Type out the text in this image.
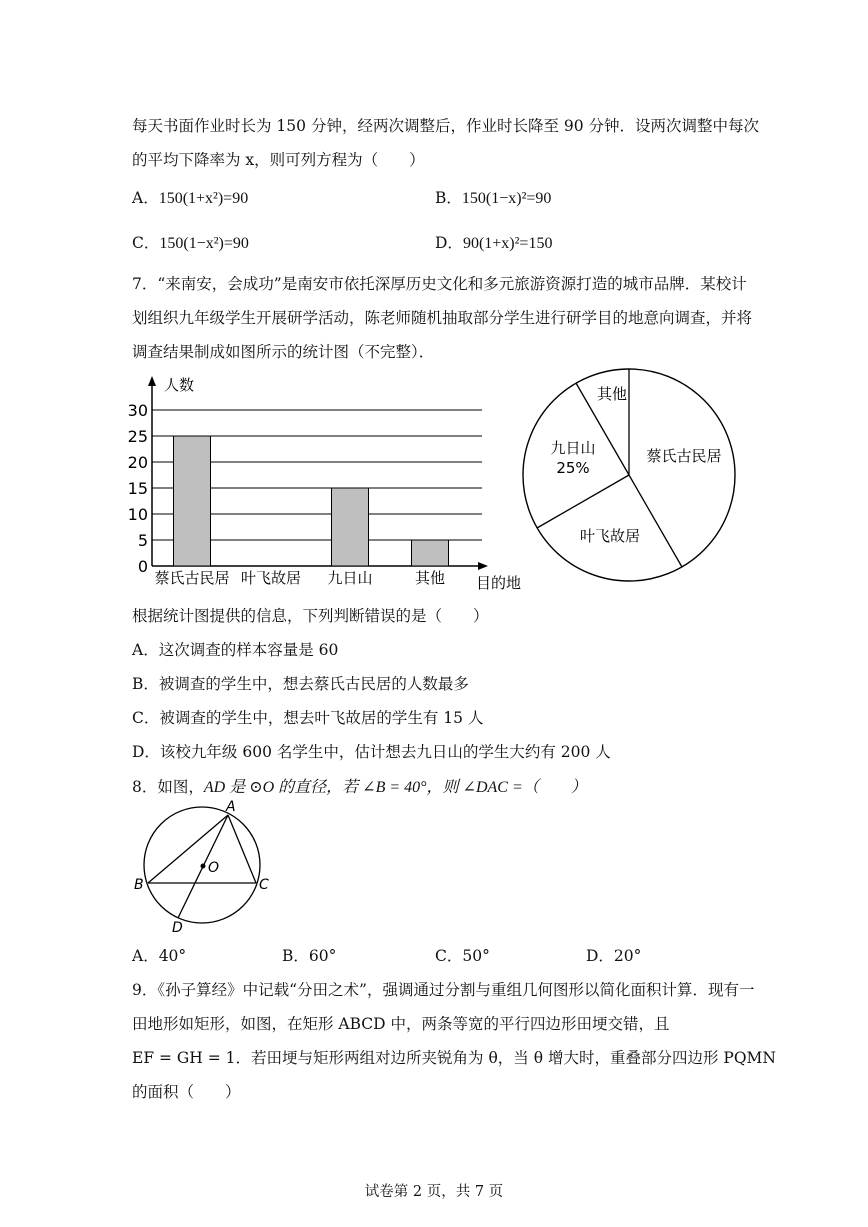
每天书面作业时长为 150 分钟，经两次调整后，作业时长降至 90 分钟．设两次调整中每次
的平均下降率为 x，则可列方程为（　　）
A．150(1+x²)=90	B．150(1−x)²=90
C．150(1−x²)=90	D．90(1+x)²=150
7．“来南安，会成功”是南安市依托深厚历史文化和多元旅游资源打造的城市品牌．某校计
划组织九年级学生开展研学活动，陈老师随机抽取部分学生进行研学目的地意向调查，并将
调查结果制成如图所示的统计图（不完整）．
人数
目的地
0
5
10
15
20
25
30
蔡氏古民居 叶飞故居 九日山	其他
其他
九日山
25%
叶飞故居
蔡氏古民居
根据统计图提供的信息，下列判断错误的是（　　）
A．这次调查的样本容量是 60
B．被调查的学生中，想去蔡氏古民居的人数最多
C．被调查的学生中，想去叶飞故居的学生有 15 人
D．该校九年级 600 名学生中，估计想去九日山的学生大约有 200 人
8．如图，AD 是 ⊙O 的直径，若 ∠B = 40°，则 ∠DAC =（　　）
A
B	C
D
O
A．40°	B．60°	C．50°	D．20°
9．《孙子算经》中记载“分田之术”，强调通过分割与重组几何图形以简化面积计算．现有一
田地形如矩形，如图，在矩形 ABCD 中，两条等宽的平行四边形田埂交错，且
EF = GH = 1．若田埂与矩形两组对边所夹锐角为 θ，当 θ 增大时，重叠部分四边形 PQMN
的面积（　　）
试卷第 2 页，共 7 页
